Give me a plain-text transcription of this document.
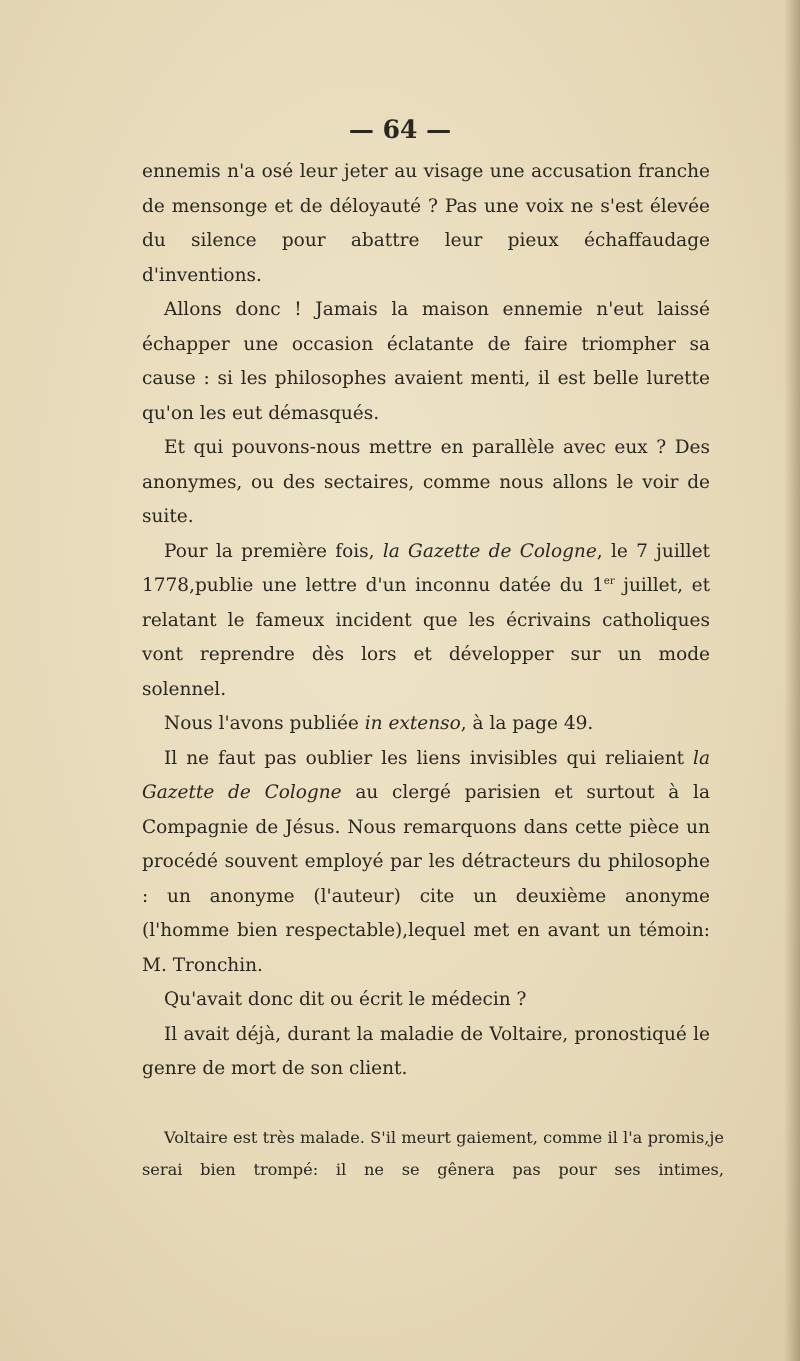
— 64 —

ennemis n'a osé leur jeter au visage une accusation franche de mensonge et de déloyauté ? Pas une voix ne s'est élevée du silence pour abattre leur pieux échaffaudage d'inventions.

Allons donc ! Jamais la maison ennemie n'eut laissé échapper une occasion éclatante de faire triompher sa cause : si les philosophes avaient menti, il est belle lurette qu'on les eut démasqués.

Et qui pouvons-nous mettre en parallèle avec eux ? Des anonymes, ou des sectaires, comme nous allons le voir de suite.

Pour la première fois, la Gazette de Cologne, le 7 juillet 1778,publie une lettre d'un inconnu datée du 1er juillet, et relatant le fameux incident que les écrivains catholiques vont reprendre dès lors et développer sur un mode solennel.

Nous l'avons publiée in extenso, à la page 49.

Il ne faut pas oublier les liens invisibles qui reliaient la Gazette de Cologne au clergé parisien et surtout à la Compagnie de Jésus. Nous remarquons dans cette pièce un procédé souvent employé par les détracteurs du philosophe : un anonyme (l'auteur) cite un deuxième anonyme (l'homme bien respectable),lequel met en avant un témoin: M. Tronchin.

Qu'avait donc dit ou écrit le médecin ?

Il avait déjà, durant la maladie de Voltaire, pronostiqué le genre de mort de son client.

Voltaire est très malade. S'il meurt gaiement, comme il l'a promis,je serai bien trompé: il ne se gênera pas pour ses intimes,
